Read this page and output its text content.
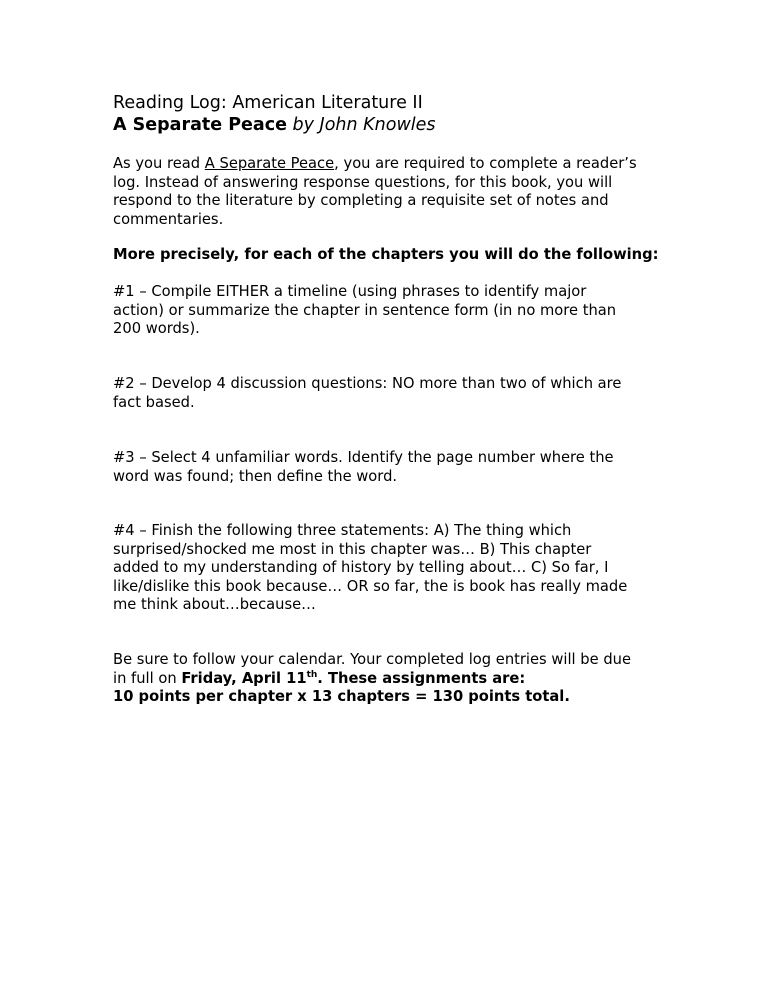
Reading Log: American Literature II
A Separate Peace by John Knowles

As you read A Separate Peace, you are required to complete a reader’s
log. Instead of answering response questions, for this book, you will
respond to the literature by completing a requisite set of notes and
commentaries.

More precisely, for each of the chapters you will do the following:

#1 – Compile EITHER a timeline (using phrases to identify major
action) or summarize the chapter in sentence form (in no more than
200 words).

#2 – Develop 4 discussion questions: NO more than two of which are
fact based.

#3 – Select 4 unfamiliar words. Identify the page number where the
word was found; then define the word.

#4 – Finish the following three statements: A) The thing which
surprised/shocked me most in this chapter was… B) This chapter
added to my understanding of history by telling about… C) So far, I
like/dislike this book because… OR so far, the is book has really made
me think about…because…

Be sure to follow your calendar. Your completed log entries will be due
in full on Friday, April 11th. These assignments are:
10 points per chapter x 13 chapters = 130 points total.
